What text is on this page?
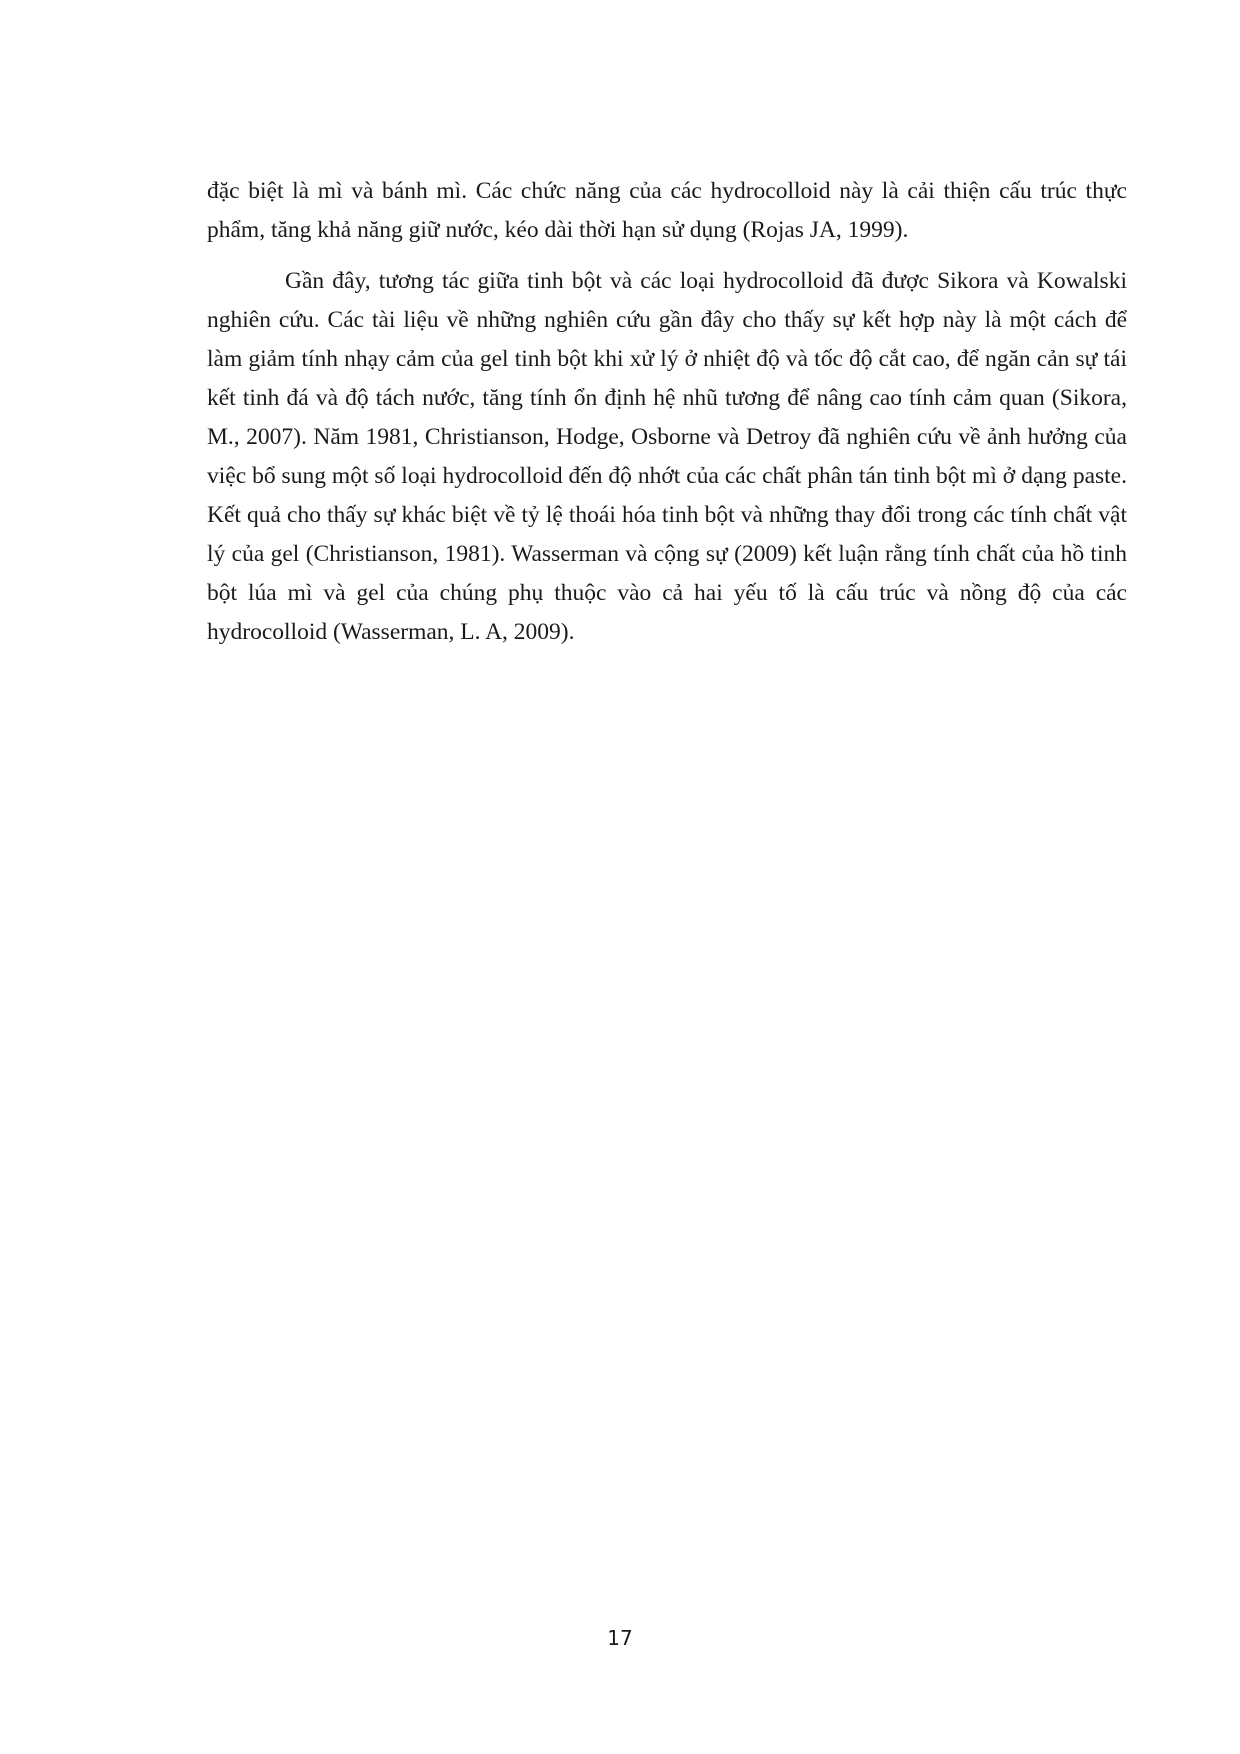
đặc biệt là mì và bánh mì. Các chức năng của các hydrocolloid này là cải thiện cấu trúc thực phẩm, tăng khả năng giữ nước, kéo dài thời hạn sử dụng (Rojas JA, 1999).

Gần đây, tương tác giữa tinh bột và các loại hydrocolloid đã được Sikora và Kowalski nghiên cứu. Các tài liệu về những nghiên cứu gần đây cho thấy sự kết hợp này là một cách để làm giảm tính nhạy cảm của gel tinh bột khi xử lý ở nhiệt độ và tốc độ cắt cao, để ngăn cản sự tái kết tinh đá và độ tách nước, tăng tính ổn định hệ nhũ tương để nâng cao tính cảm quan (Sikora, M., 2007). Năm 1981, Christianson, Hodge, Osborne và Detroy đã nghiên cứu về ảnh hưởng của việc bổ sung một số loại hydrocolloid đến độ nhớt của các chất phân tán tinh bột mì ở dạng paste. Kết quả cho thấy sự khác biệt về tỷ lệ thoái hóa tinh bột và những thay đổi trong các tính chất vật lý của gel (Christianson, 1981). Wasserman và cộng sự (2009) kết luận rằng tính chất của hồ tinh bột lúa mì và gel của chúng phụ thuộc vào cả hai yếu tố là cấu trúc và nồng độ của các hydrocolloid (Wasserman, L. A, 2009).

17
